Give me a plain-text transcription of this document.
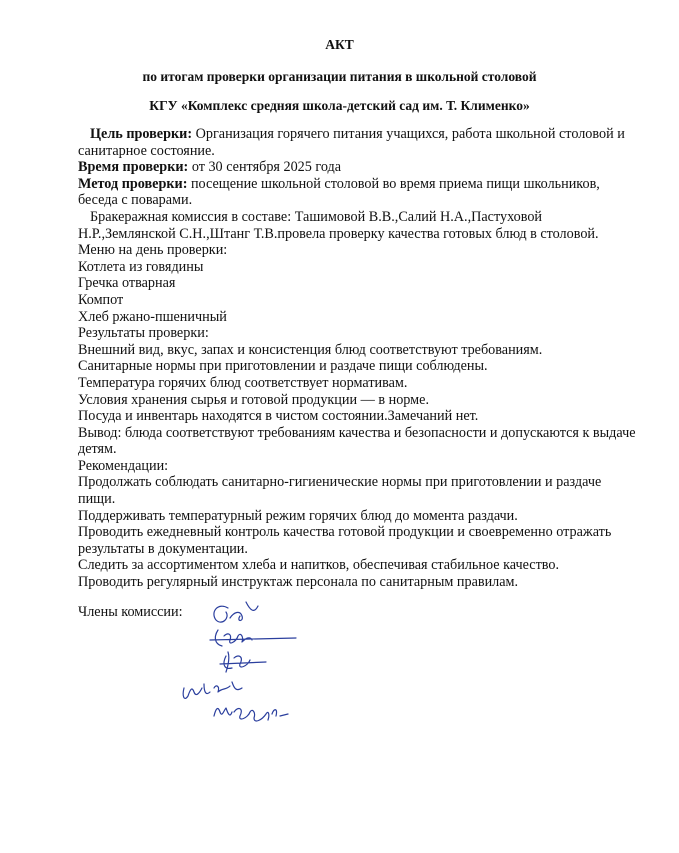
АКТ
по итогам проверки организации питания в школьной столовой
КГУ «Комплекс средняя школа-детский сад им. Т. Клименко»

Цель проверки: Организация горячего питания учащихся, работа школьной столовой и санитарное состояние.

Время проверки: от 30 сентября 2025 года

Метод проверки: посещение школьной столовой во время приема пищи школьников, беседа с поварами.

Бракеражная комиссия в составе: Ташимовой В.В.,Салий Н.А.,Пастуховой Н.Р.,Землянской С.Н.,Штанг Т.В.провела проверку качества готовых блюд в столовой.

Меню на день проверки:

Котлета из говядины

Гречка отварная

Компот

Хлеб ржано-пшеничный

Результаты проверки:

Внешний вид, вкус, запах и консистенция блюд соответствуют требованиям.

Санитарные нормы при приготовлении и раздаче пищи соблюдены.

Температура горячих блюд соответствует нормативам.

Условия хранения сырья и готовой продукции — в норме.

Посуда и инвентарь находятся в чистом состоянии.Замечаний нет.

Вывод: блюда соответствуют требованиям качества и безопасности и допускаются к выдаче детям.

Рекомендации:

Продолжать соблюдать санитарно-гигиенические нормы при приготовлении и раздаче пищи.

Поддерживать температурный режим горячих блюд до момента раздачи.

Проводить ежедневный контроль качества готовой продукции и своевременно отражать результаты в документации.

Следить за ассортиментом хлеба и напитков, обеспечивая стабильное качество.

Проводить регулярный инструктаж персонала по санитарным правилам.

Члены комиссии:
